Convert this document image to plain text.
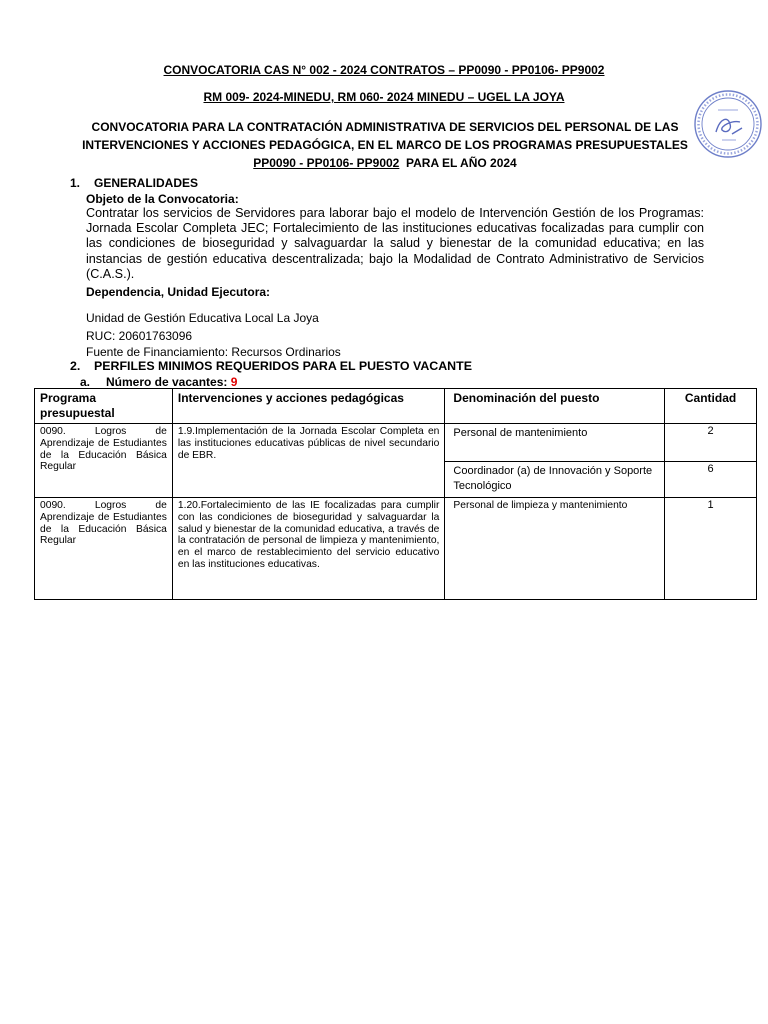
CONVOCATORIA CAS N° 002 - 2024 CONTRATOS – PP0090 - PP0106- PP9002
RM 009- 2024-MINEDU, RM 060- 2024 MINEDU – UGEL LA JOYA
CONVOCATORIA PARA LA CONTRATACIÓN ADMINISTRATIVA DE SERVICIOS DEL PERSONAL DE LAS
INTERVENCIONES Y ACCIONES PEDAGÓGICA, EN EL MARCO DE LOS PROGRAMAS PRESUPUESTALES
PP0090 - PP0106- PP9002  PARA EL AÑO 2024
1. GENERALIDADES
Objeto de la Convocatoria:
Contratar los servicios de Servidores para laborar bajo el modelo de Intervención Gestión de los Programas: Jornada Escolar Completa JEC; Fortalecimiento de las instituciones educativas focalizadas para cumplir con las condiciones de bioseguridad y salvaguardar la salud y bienestar de la comunidad educativa; en las instancias de gestión educativa descentralizada; bajo la Modalidad de Contrato Administrativo de Servicios (C.A.S.).
Dependencia, Unidad Ejecutora:
Unidad de Gestión Educativa Local La Joya
RUC: 20601763096
Fuente de Financiamiento: Recursos Ordinarios
2. PERFILES MINIMOS REQUERIDOS PARA EL PUESTO VACANTE
a. Número de vacantes: 9
Programa presupuestal	Intervenciones y acciones pedagógicas	Denominación del puesto	Cantidad
0090. Logros de Aprendizaje de Estudiantes de la Educación Básica Regular	1.9.Implementación de la Jornada Escolar Completa en las instituciones educativas públicas de nivel secundario de EBR.	Personal de mantenimiento	2
		Coordinador (a) de Innovación y Soporte Tecnológico	6
0090. Logros de Aprendizaje de Estudiantes de la Educación Básica Regular	1.20.Fortalecimiento de las IE focalizadas para cumplir con las condiciones de bioseguridad y salvaguardar la salud y bienestar de la comunidad educativa, a través de la contratación de personal de limpieza y mantenimiento, en el marco de restablecimiento del servicio educativo en las instituciones educativas.	Personal de limpieza y mantenimiento	1
